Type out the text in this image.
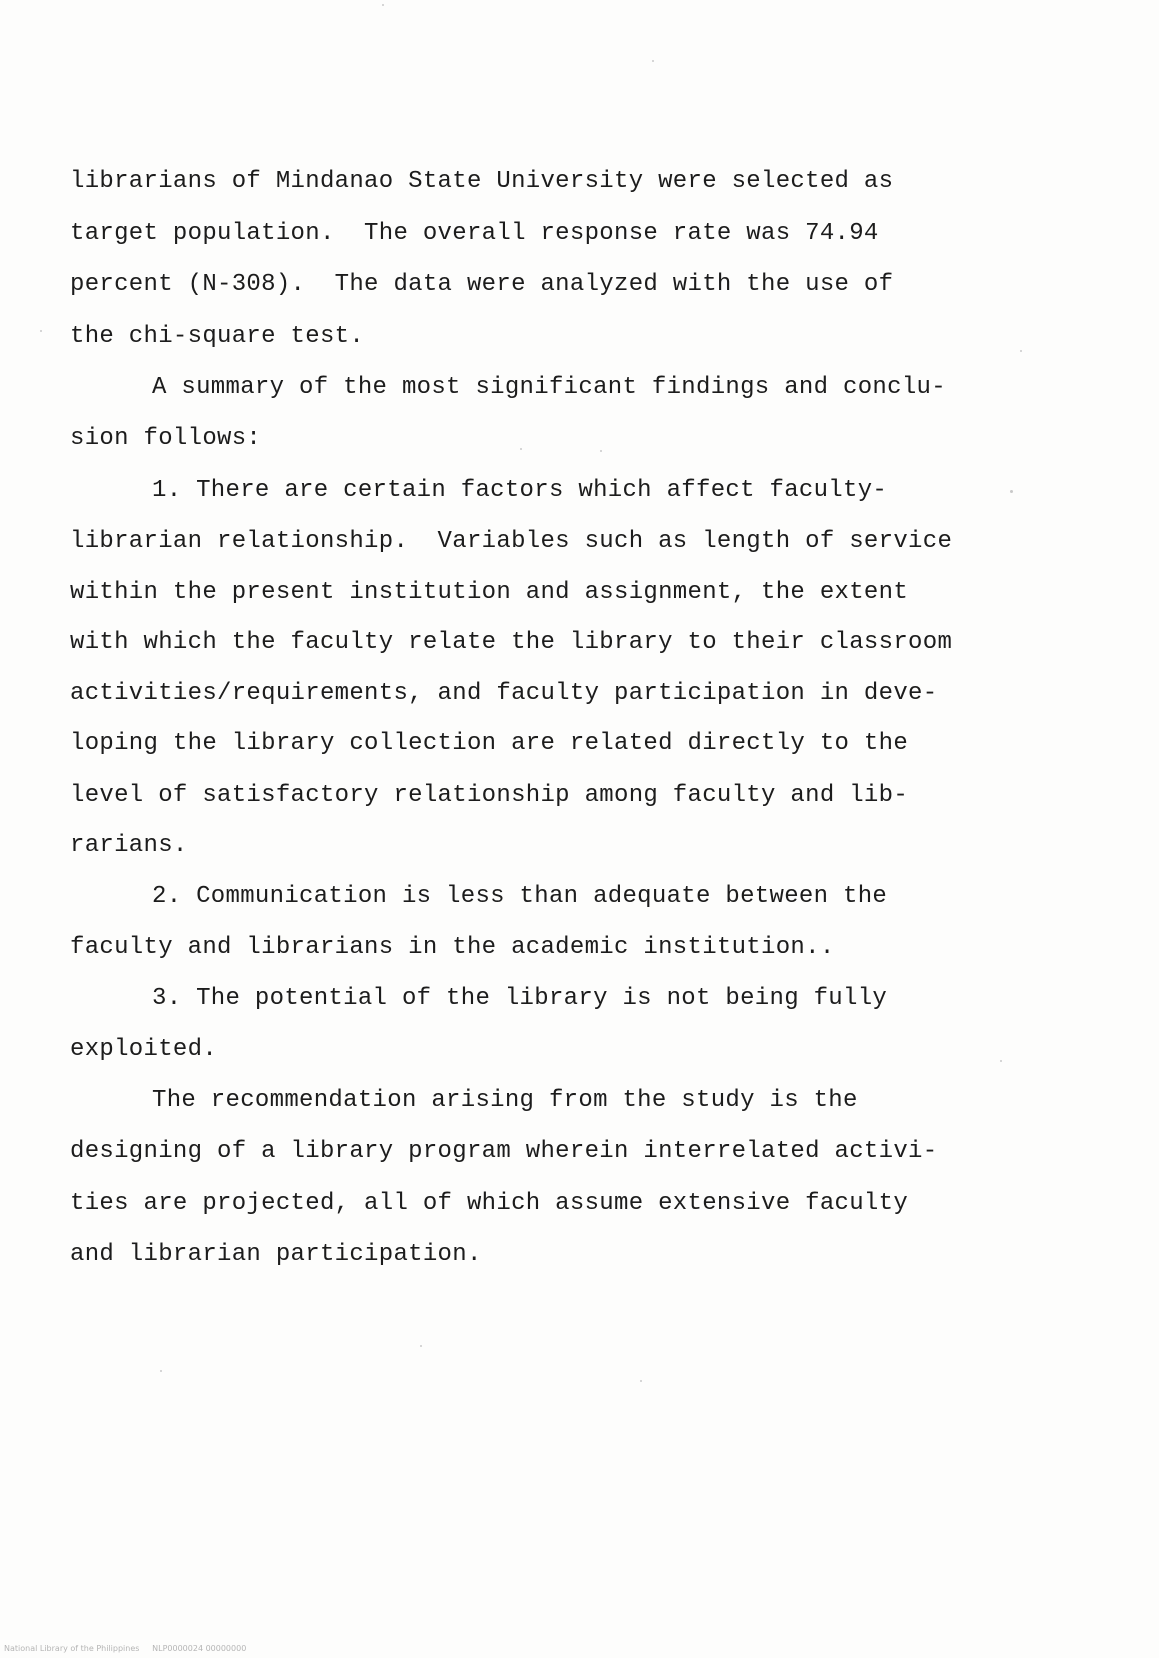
librarians of Mindanao State University were selected as
target population.  The overall response rate was 74.94
percent (N-308).  The data were analyzed with the use of
the chi-square test.
A summary of the most significant findings and conclu-
sion follows:
1. There are certain factors which affect faculty-
librarian relationship.  Variables such as length of service
within the present institution and assignment, the extent
with which the faculty relate the library to their classroom
activities/requirements, and faculty participation in deve-
loping the library collection are related directly to the
level of satisfactory relationship among faculty and lib-
rarians.
2. Communication is less than adequate between the
faculty and librarians in the academic institution..
3. The potential of the library is not being fully
exploited.
The recommendation arising from the study is the
designing of a library program wherein interrelated activi-
ties are projected, all of which assume extensive faculty
and librarian participation.
National Library of the Philippines     NLP0000024 00000000
